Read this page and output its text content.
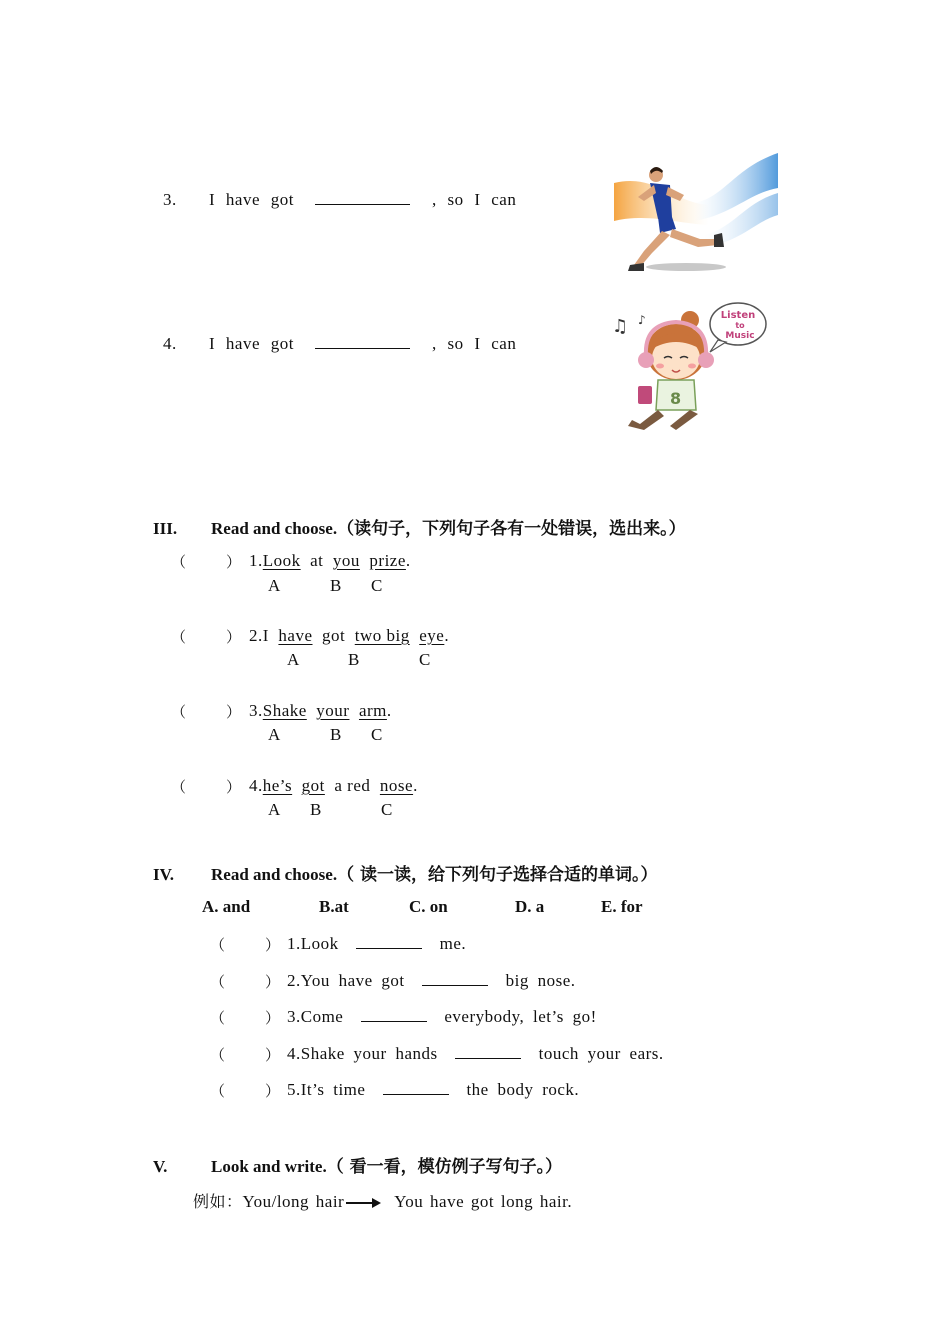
3. I have got	, so I can
4. I have got	, so I can
♫ ♪	Listen
to
Music
8
III. Read and choose.（读句子，下列句子各有一处错误，选出来。）
（	） 1.Look at you prize.
A	B C
（	） 2.I have got two big eye.
A	B	C
（	） 3.Shake your arm.
A	B C
（	） 4.he’s got a red nose.
A B	C
IV. Read and choose.（ 读一读，给下列句子选择合适的单词。）
A. and	B.at	C. on	D. a	E. for
（	） 1.Look	me.
（	） 2.You have got	big nose.
（	） 3.Come	everybody, let’s go!
（	） 4.Shake your hands	touch your ears.
（	） 5.It’s time	the body rock.
V.	Look and write.（ 看一看，模仿例子写句子。）
例如：You/long hair	You have got long hair.
